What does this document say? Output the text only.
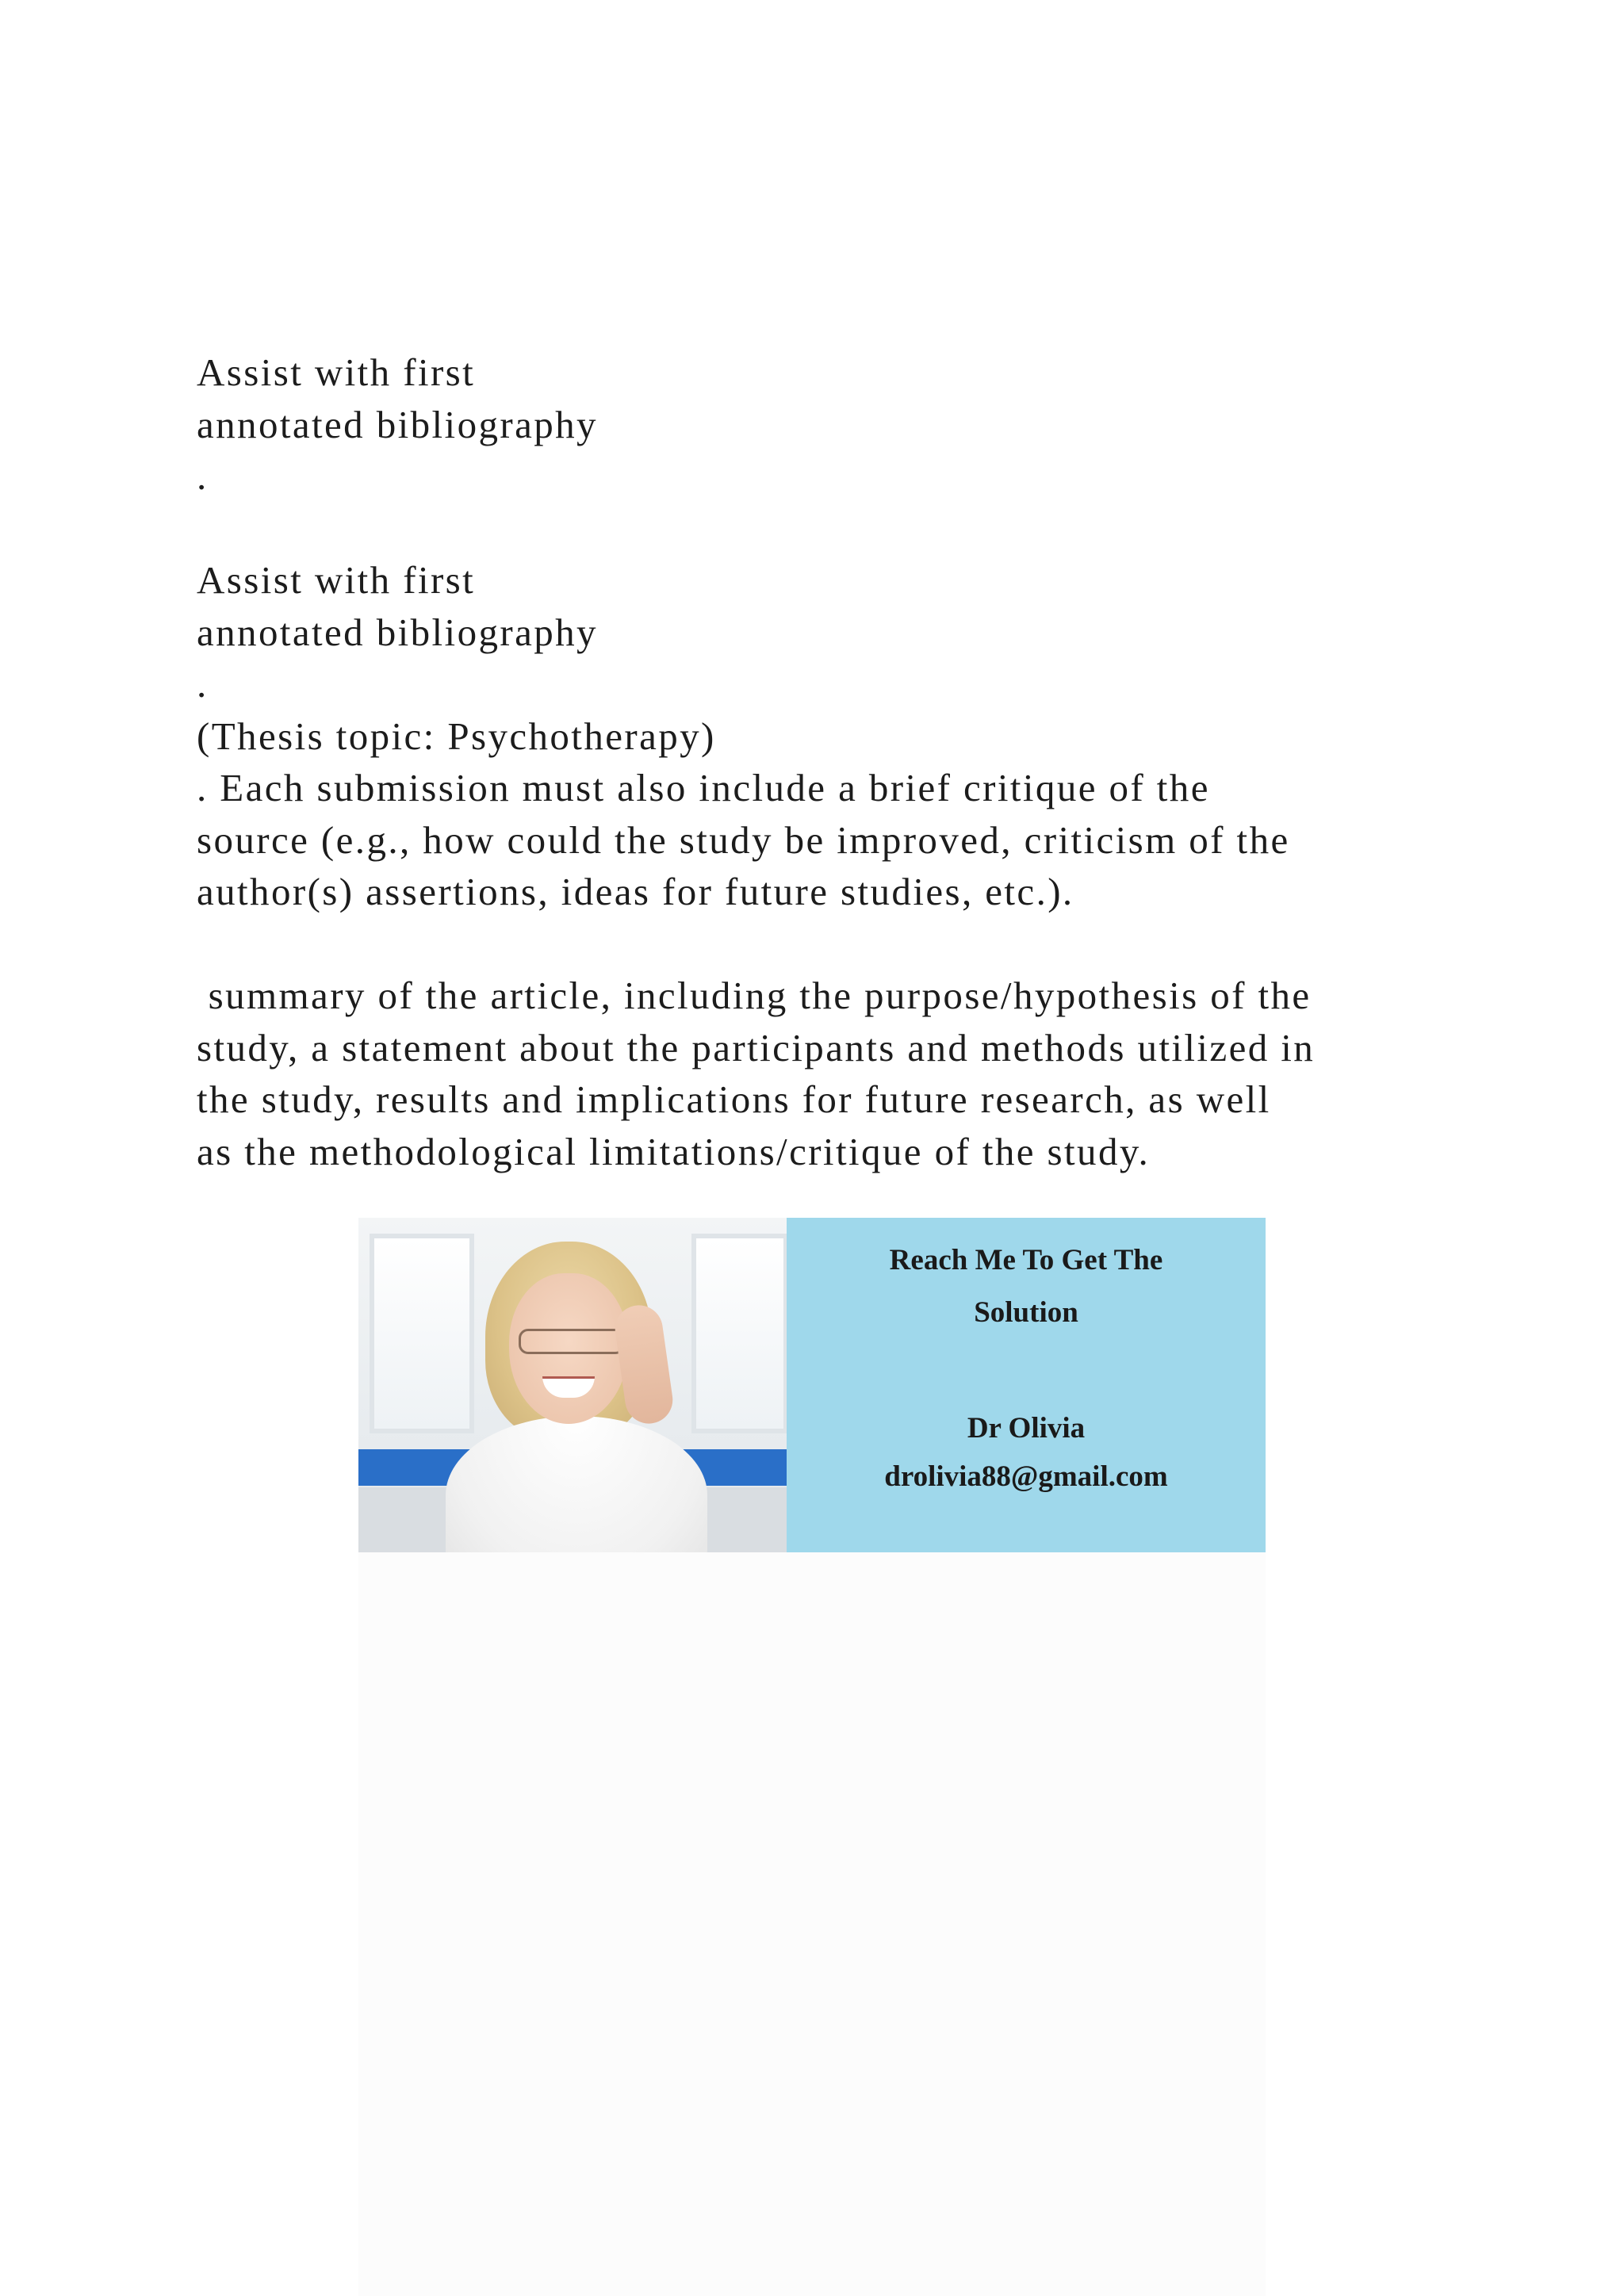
Assist with first
annotated bibliography
.
Assist with first
annotated bibliography
.
(Thesis topic: Psychotherapy)
. Each submission must also include a brief critique of the
source (e.g., how could the study be improved, criticism of the
author(s) assertions, ideas for future studies, etc.).
summary of the article, including the purpose/hypothesis of the
study, a statement about the participants and methods utilized in
the study, results and implications for future research, as well
as the methodological limitations/critique of the study.
Reach Me To Get The
Solution
Dr Olivia
drolivia88@gmail.com
